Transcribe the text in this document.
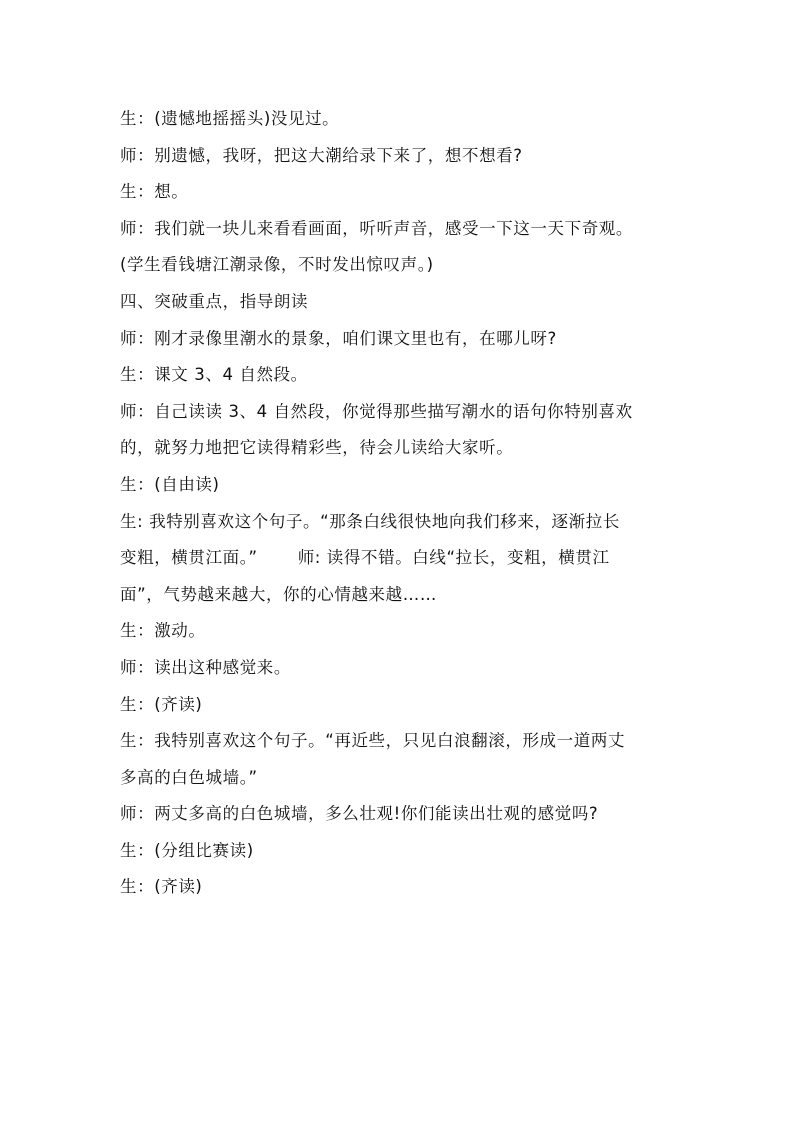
生：(遗憾地摇摇头)没见过。
师：别遗憾，我呀，把这大潮给录下来了，想不想看?
生：想。
师：我们就一块儿来看看画面，听听声音，感受一下这一天下奇观。
(学生看钱塘江潮录像，不时发出惊叹声。)
四、突破重点，指导朗读
师：刚才录像里潮水的景象，咱们课文里也有，在哪儿呀?
生：课文 3、4 自然段。
师：自己读读 3、4 自然段，你觉得那些描写潮水的语句你特别喜欢
的，就努力地把它读得精彩些，待会儿读给大家听。
生：(自由读)
生: 我特别喜欢这个句子。“那条白线很快地向我们移来，逐渐拉长
变粗，横贯江面。” 师: 读得不错。白线“拉长，变粗，横贯江
面”，气势越来越大，你的心情越来越……
生：激动。
师：读出这种感觉来。
生：(齐读)
生：我特别喜欢这个句子。“再近些，只见白浪翻滚，形成一道两丈
多高的白色城墙。”
师：两丈多高的白色城墙，多么壮观!你们能读出壮观的感觉吗?
生：(分组比赛读)
生：(齐读)
